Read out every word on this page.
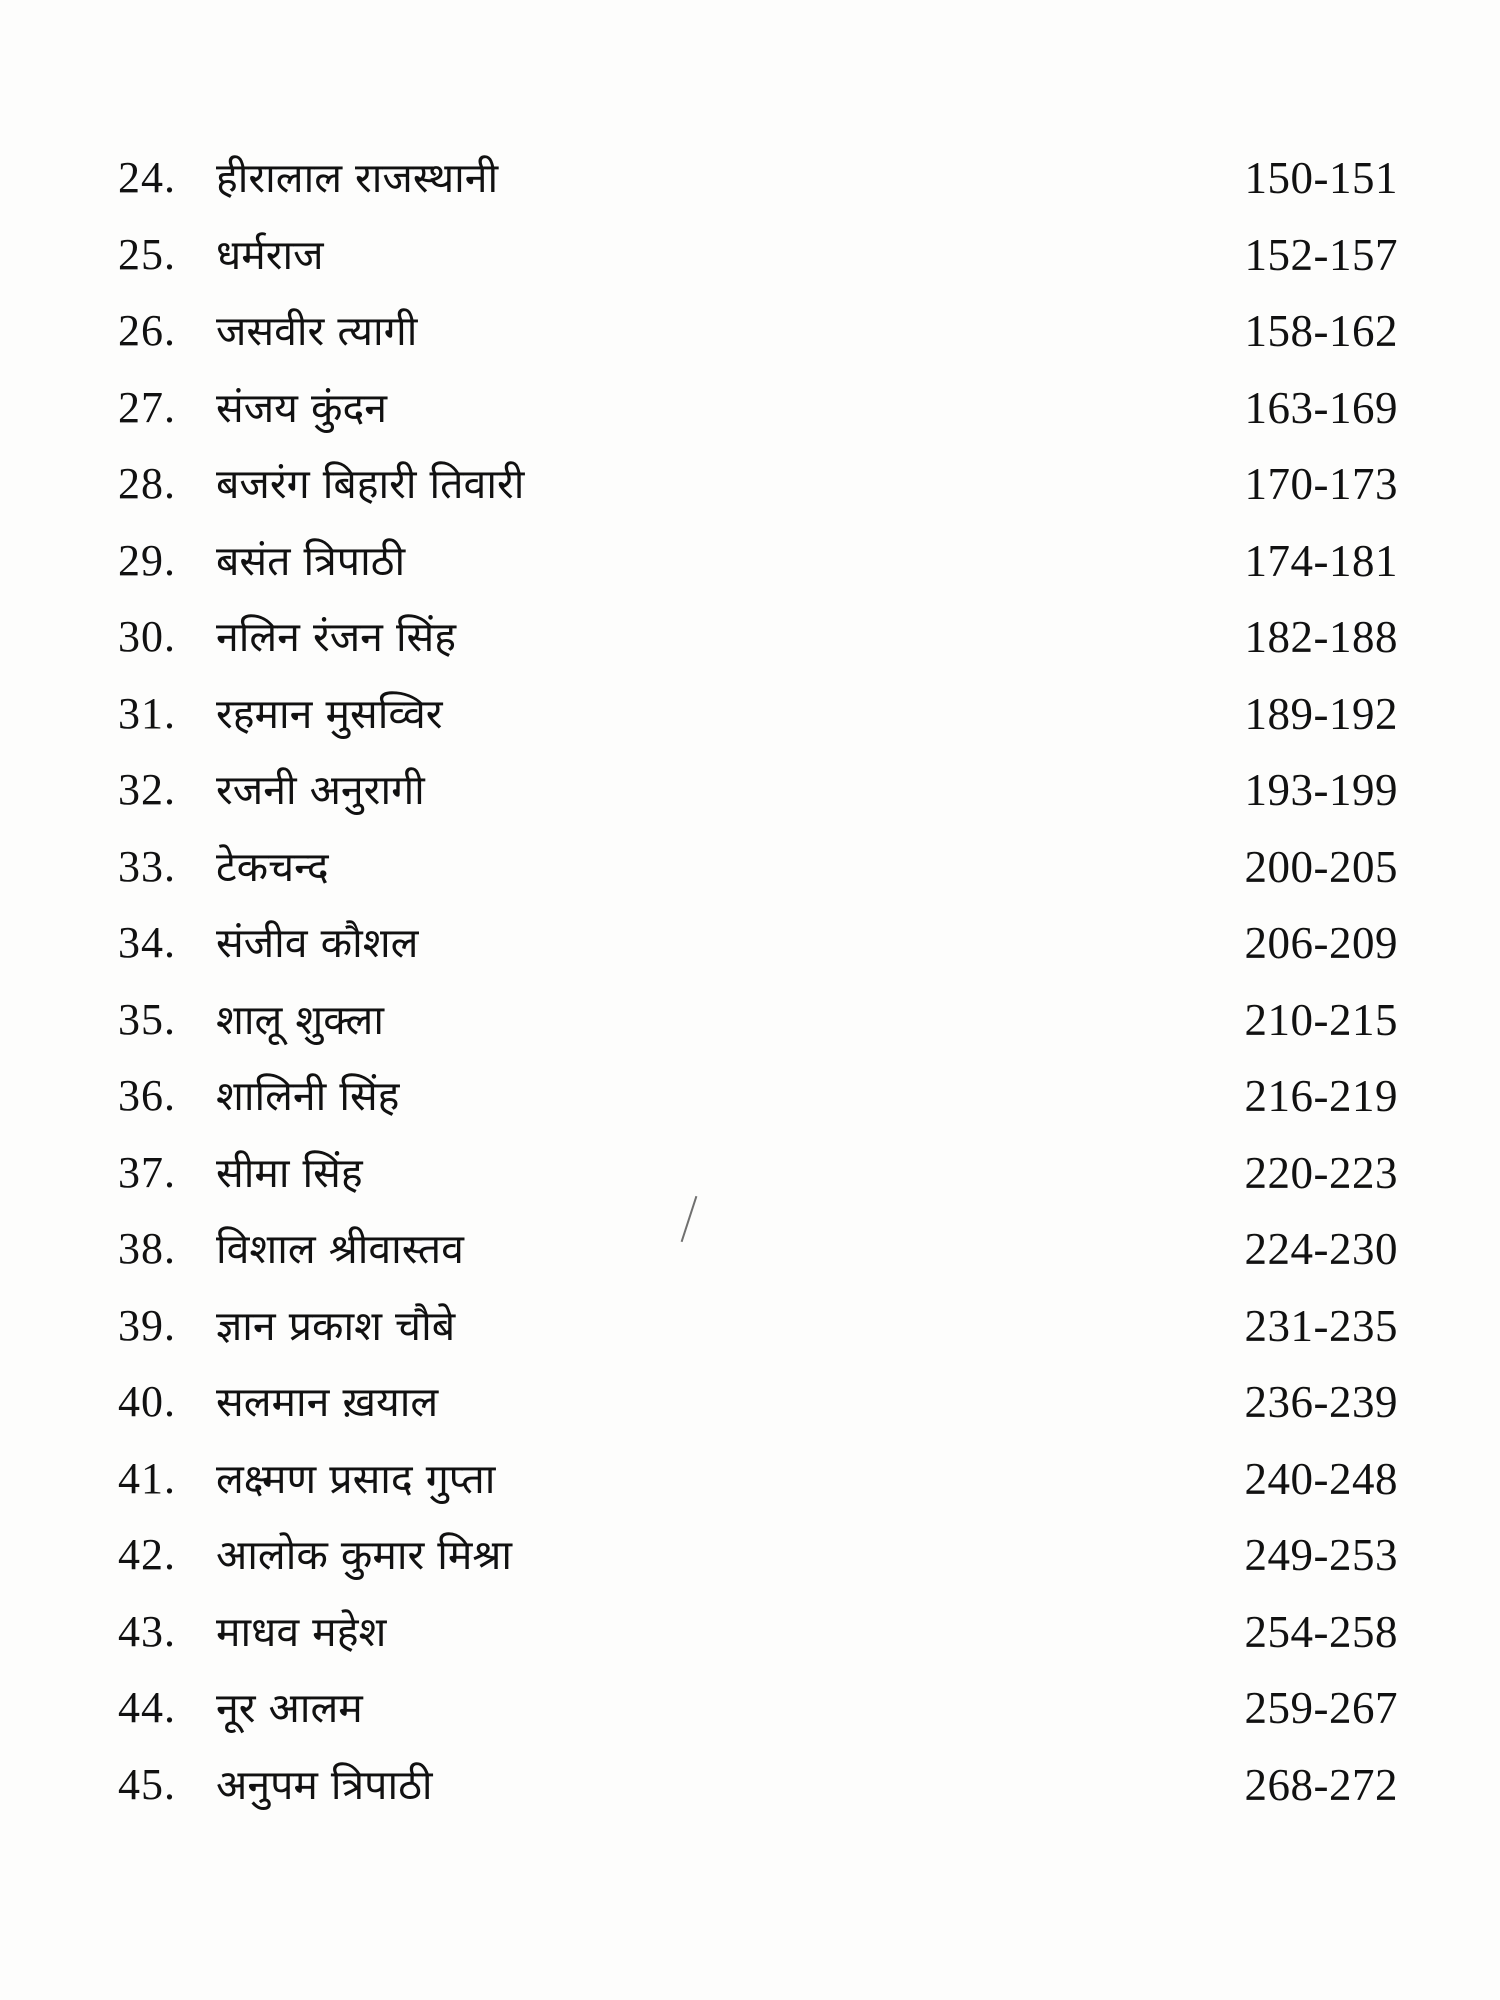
24. हीरालाल राजस्थानी	150-151
25. धर्मराज	152-157
26. जसवीर त्यागी	158-162
27. संजय कुंदन	163-169
28. बजरंग बिहारी तिवारी	170-173
29. बसंत त्रिपाठी	174-181
30. नलिन रंजन सिंह	182-188
31. रहमान मुसव्विर	189-192
32. रजनी अनुरागी	193-199
33. टेकचन्द	200-205
34. संजीव कौशल	206-209
35. शालू शुक्ला	210-215
36. शालिनी सिंह	216-219
37. सीमा सिंह	220-223
38. विशाल श्रीवास्तव	224-230
39. ज्ञान प्रकाश चौबे	231-235
40. सलमान ख़याल	236-239
41. लक्ष्मण प्रसाद गुप्ता	240-248
42. आलोक कुमार मिश्रा	249-253
43. माधव महेश	254-258
44. नूर आलम	259-267
45. अनुपम त्रिपाठी	268-272
